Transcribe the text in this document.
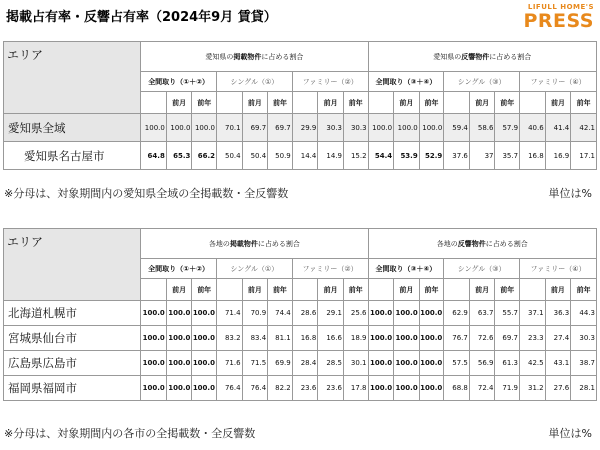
掲載占有率・反響占有率（2024年9月 賃貸）
LIFULL HOME'S
PRESS
エリア	愛知県の掲載物件に占める割合									愛知県の反響物件に占める割合								
	全間取り（①＋②）			シングル（①）			ファミリー（②）			全間取り（③＋④）			シングル（③）			ファミリー（④）		
		前月	前年		前月	前年		前月	前年		前月	前年		前月	前年		前月	前年
愛知県全域	100.0	100.0	100.0	70.1	69.7	69.7	29.9	30.3	30.3	100.0	100.0	100.0	59.4	58.6	57.9	40.6	41.4	42.1
愛知県名古屋市	64.8	65.3	66.2	50.4	50.4	50.9	14.4	14.9	15.2	54.4	53.9	52.9	37.6	37	35.7	16.8	16.9	17.1
※分母は、対象期間内の愛知県全域の全掲載数・全反響数	単位は%
エリア	各地の掲載物件に占める割合									各地の反響物件に占める割合								
	全間取り（①＋②）			シングル（①）			ファミリー（②）			全間取り（③＋④）			シングル（③）			ファミリー（④）		
		前月	前年		前月	前年		前月	前年		前月	前年		前月	前年		前月	前年
北海道札幌市	100.0	100.0	100.0	71.4	70.9	74.4	28.6	29.1	25.6	100.0	100.0	100.0	62.9	63.7	55.7	37.1	36.3	44.3
宮城県仙台市	100.0	100.0	100.0	83.2	83.4	81.1	16.8	16.6	18.9	100.0	100.0	100.0	76.7	72.6	69.7	23.3	27.4	30.3
広島県広島市	100.0	100.0	100.0	71.6	71.5	69.9	28.4	28.5	30.1	100.0	100.0	100.0	57.5	56.9	61.3	42.5	43.1	38.7
福岡県福岡市	100.0	100.0	100.0	76.4	76.4	82.2	23.6	23.6	17.8	100.0	100.0	100.0	68.8	72.4	71.9	31.2	27.6	28.1
※分母は、対象期間内の各市の全掲載数・全反響数	単位は%
